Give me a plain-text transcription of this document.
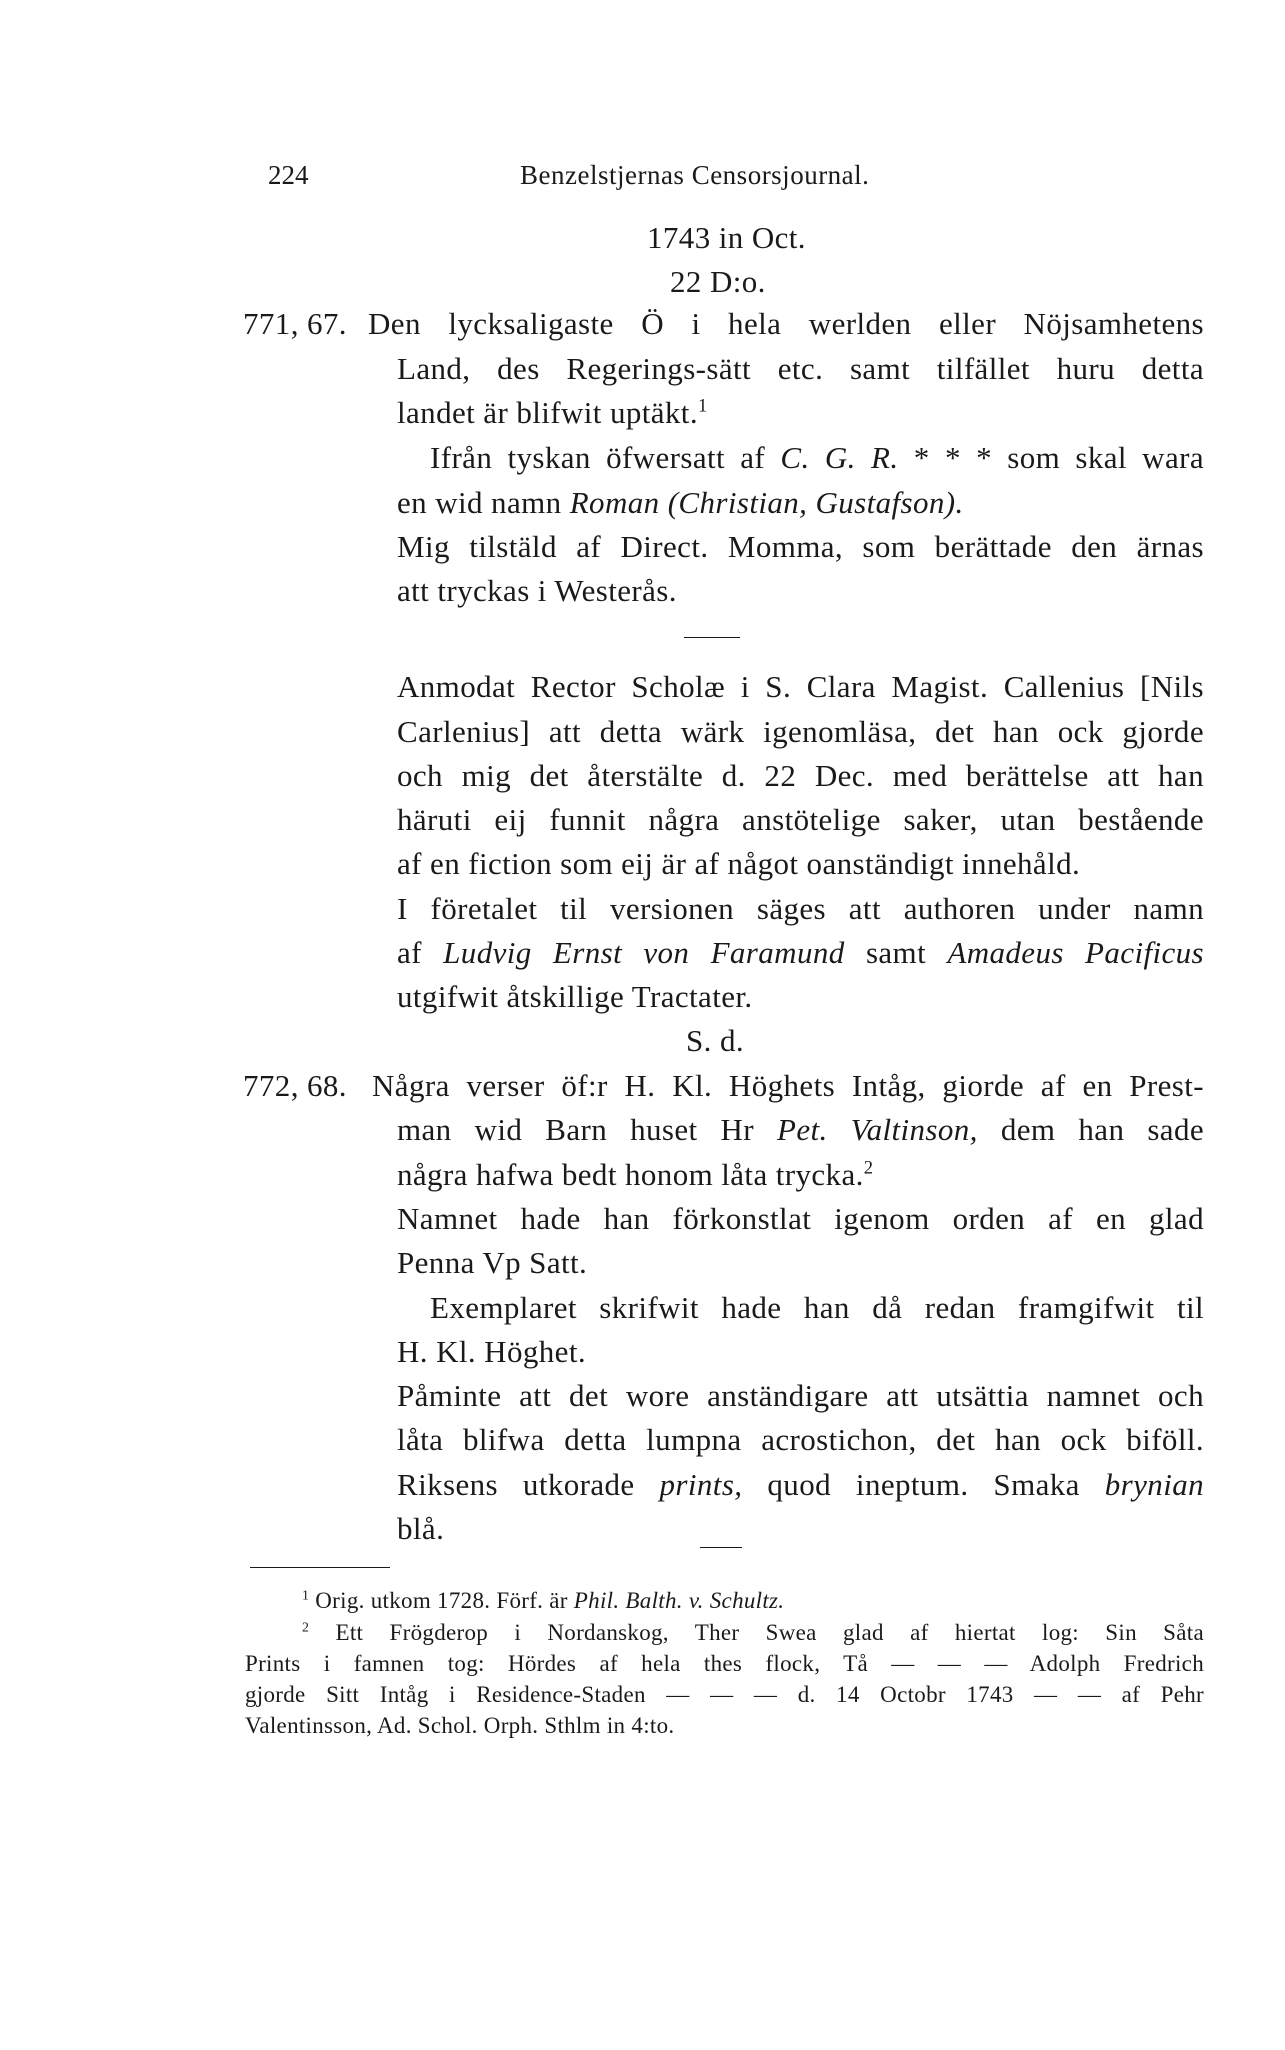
224	Benzelstjernas Censorsjournal.
1743 in Oct.
22 D:o.
771, 67. Den lycksaligaste Ö i hela werlden eller Nöjsamhetens
Land, des Regerings-sätt etc. samt tilfället huru detta
landet är blifwit uptäkt.$^1$
Ifrån tyskan öfwersatt af C. G. R. * * * som skal wara
en wid namn Roman (Christian, Gustafson).
Mig tilstäld af Direct. Momma, som berättade den ärnas
att tryckas i Westerås.
Anmodat Rector Scholæ i S. Clara Magist. Callenius [Nils
Carlenius] att detta wärk igenomläsa, det han ock gjorde
och mig det återstälte d. 22 Dec. med berättelse att han
häruti eij funnit några anstötelige saker, utan bestående
af en fiction som eij är af något oanständigt innehåld.
I företalet til versionen säges att authoren under namn
af Ludvig Ernst von Faramund samt Amadeus Pacificus
utgifwit åtskillige Tractater.
S. d.
772, 68. Några verser öf:r H. Kl. Höghets Intåg, giorde af en Prest-
man wid Barn huset Hr Pet. Valtinson, dem han sade
några hafwa bedt honom låta trycka.$^2$
Namnet hade han förkonstlat igenom orden af en glad
Penna Vp Satt.
Exemplaret skrifwit hade han då redan framgifwit til
H. Kl. Höghet.
Påminte att det wore anständigare att utsättia namnet och
låta blifwa detta lumpna acrostichon, det han ock biföll.
Riksens utkorade prints, quod ineptum. Smaka brynian
blå.
$^1$ Orig. utkom 1728. Förf. är Phil. Balth. v. Schultz.
$^2$ Ett Frögderop i Nordanskog, Ther Swea glad af hiertat log: Sin Såta
Prints i famnen tog: Hördes af hela thes flock, Tå — — — Adolph Fredrich
gjorde Sitt Intåg i Residence-Staden — — — d. 14 Octobr 1743 — — af Pehr
Valentinsson, Ad. Schol. Orph. Sthlm in 4:to.
